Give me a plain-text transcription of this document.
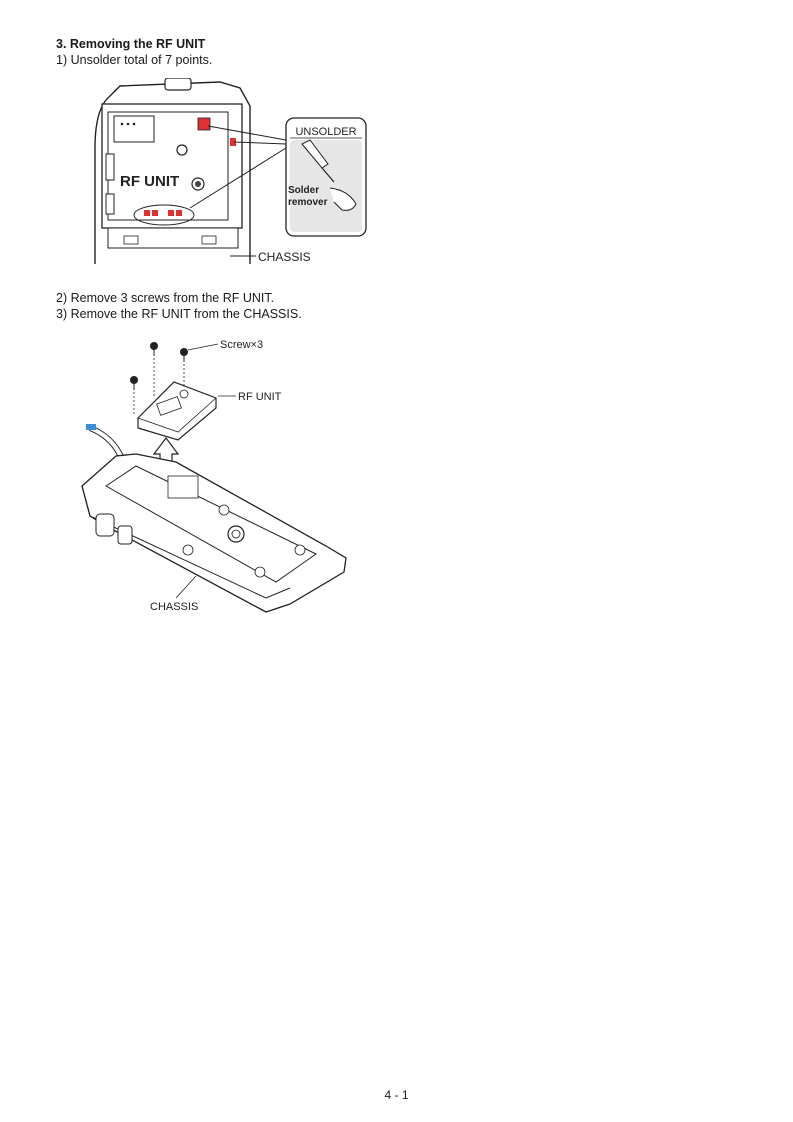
3. Removing the RF UNIT
1) Unsolder total of 7 points.
RF UNIT
UNSOLDER
Solder
remover
CHASSIS
2) Remove 3 screws from the RF UNIT.
3) Remove the RF UNIT from the CHASSIS.
Screw×3
RF UNIT
CHASSIS
4 - 1
